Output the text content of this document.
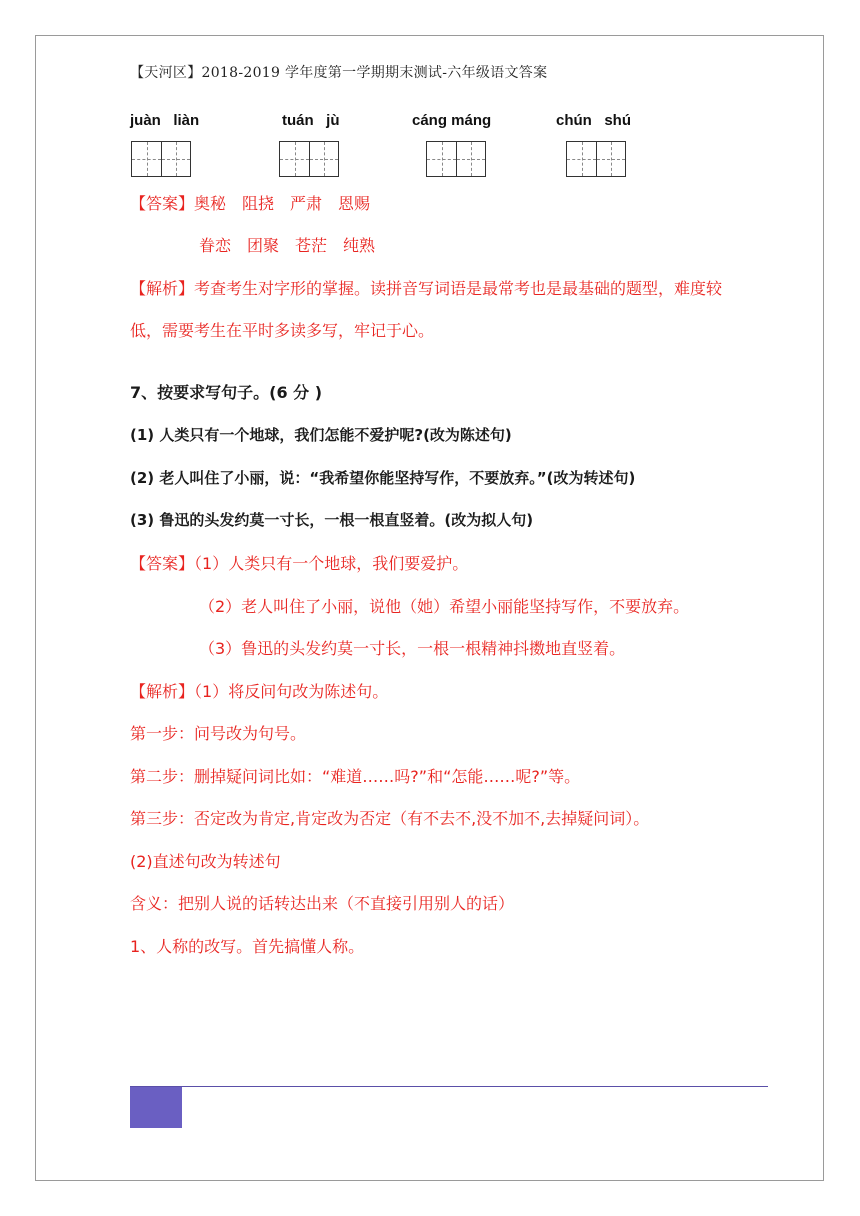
【天河区】2018-2019 学年度第一学期期末测试-六年级语文答案
juàn   liàn	tuán   jù	cáng máng	chún   shú
【答案】奥秘　阻挠　严肃　恩赐
眷恋　团聚　苍茫　纯熟
【解析】考查考生对字形的掌握。读拼音写词语是最常考也是最基础的题型，难度较
低，需要考生在平时多读多写，牢记于心。
7、按要求写句子。(6 分 )
(1) 人类只有一个地球，我们怎能不爱护呢?(改为陈述句)
(2) 老人叫住了小丽，说：“我希望你能坚持写作，不要放弃。”(改为转述句)
(3) 鲁迅的头发约莫一寸长，一根一根直竖着。(改为拟人句)
【答案】（1）人类只有一个地球，我们要爱护。
（2）老人叫住了小丽，说他（她）希望小丽能坚持写作，不要放弃。
（3）鲁迅的头发约莫一寸长，一根一根精神抖擞地直竖着。
【解析】（1）将反问句改为陈述句。
第一步：问号改为句号。
第二步：删掉疑问词比如：“难道……吗?”和“怎能……呢?”等。
第三步：否定改为肯定,肯定改为否定（有不去不,没不加不,去掉疑问词）。
(2)直述句改为转述句
含义：把别人说的话转达出来（不直接引用别人的话）
1、人称的改写。首先搞懂人称。
